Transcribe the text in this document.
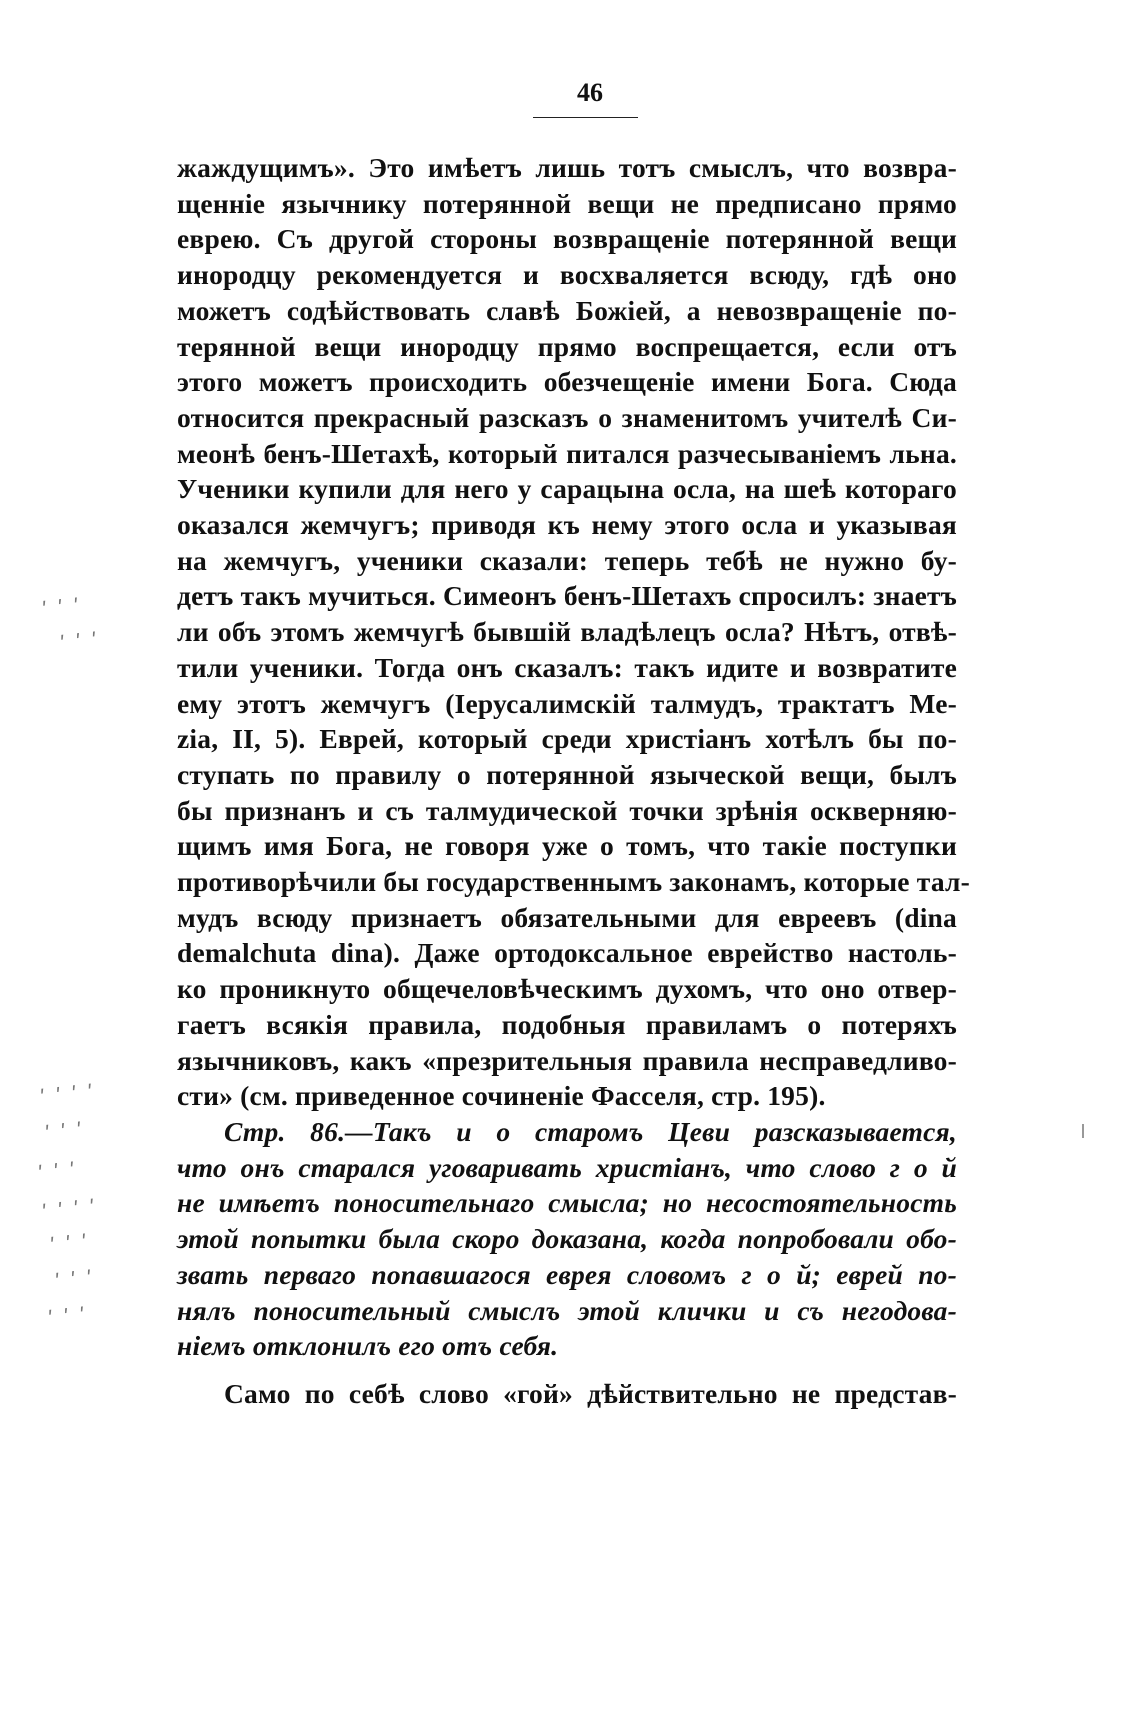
46
ʹ ʹ ʹ
ʹ ʹ ʹ
ʹ ʹ ʹ ʹ
ʹ ʹ ʹ
ʹ ʹ ʹ
ʹ ʹ ʹ ʹ
ʹ ʹ ʹ
ʹ ʹ ʹ
ʹ ʹ ʹ
жаждущимъ». Это имѣетъ лишь тотъ смыслъ, что возвра-
щенніе язычнику потерянной вещи не предписано прямо
еврею. Съ другой стороны возвращеніе потерянной вещи
инородцу рекомендуется и восхваляется всюду, гдѣ оно
можетъ содѣйствовать славѣ Божіей, а невозвращеніе по-
терянной вещи инородцу прямо воспрещается, если отъ
этого можетъ происходить обезчещеніе имени Бога. Сюда
относится прекрасный разсказъ о знаменитомъ учителѣ Си-
меонѣ бенъ-Шетахѣ, который питался разчесываніемъ льна.
Ученики купили для него у сарацына осла, на шеѣ котораго
оказался жемчугъ; приводя къ нему этого осла и указывая
на жемчугъ, ученики сказали: теперь тебѣ не нужно бу-
детъ такъ мучиться. Симеонъ бенъ-Шетахъ спросилъ: знаетъ
ли объ этомъ жемчугѣ бывшій владѣлецъ осла? Нѣтъ, отвѣ-
тили ученики. Тогда онъ сказалъ: такъ идите и возвратите
ему этотъ жемчугъ (Іерусалимскій талмудъ, трактатъ Ме-
zia, II, 5). Еврей, который среди христіанъ хотѣлъ бы по-
ступать по правилу о потерянной языческой вещи, былъ
бы признанъ и съ талмудической точки зрѣнія оскверняю-
щимъ имя Бога, не говоря уже о томъ, что такіе поступки
противорѣчили бы государственнымъ законамъ, которые тал-
мудъ всюду признаетъ обязательными для евреевъ (dina
demalchuta dina). Даже ортодоксальное еврейство настоль-
ко проникнуто общечеловѣческимъ духомъ, что оно отвер-
гаетъ всякія правила, подобныя правиламъ о потеряхъ
язычниковъ, какъ «презрительныя правила несправедливо-
сти» (см. приведенное сочиненіе Фасселя, стр. 195).
Стр. 86.—Такъ и о старомъ Цеви разсказывается,
что онъ старался уговаривать христіанъ, что слово г о й
не имѣетъ поносительнаго смысла; но несостоятельность
этой попытки была скоро доказана, когда попробовали обо-
звать перваго попавшагося еврея словомъ г о й; еврей по-
нялъ поносительный смыслъ этой клички и съ негодова-
ніемъ отклонилъ его отъ себя.
Само по себѣ слово «гой» дѣйствительно не представ-
